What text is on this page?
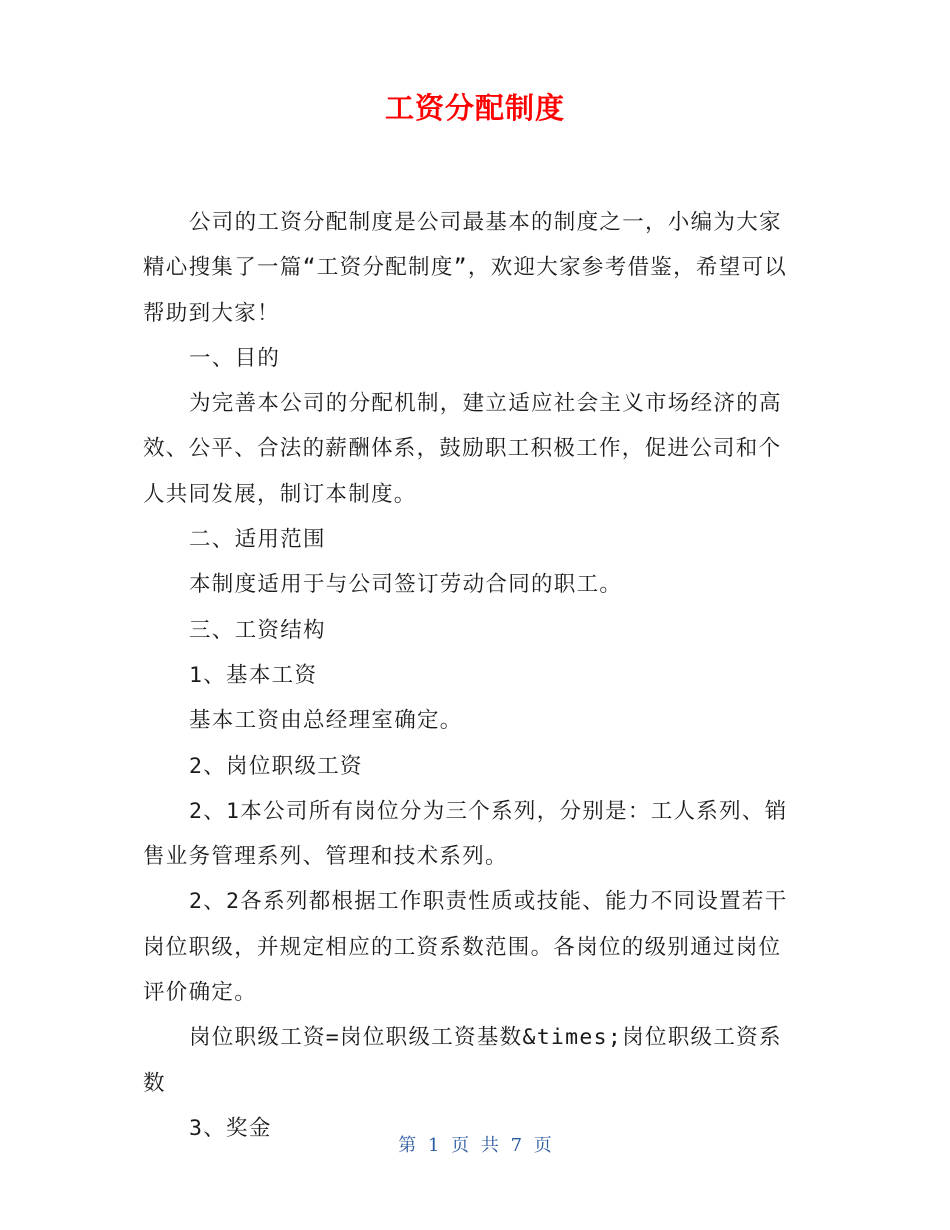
工资分配制度

公司的工资分配制度是公司最基本的制度之一，小编为大家精心搜集了一篇“工资分配制度”，欢迎大家参考借鉴，希望可以帮助到大家！

一、目的

为完善本公司的分配机制，建立适应社会主义市场经济的高效、公平、合法的薪酬体系，鼓励职工积极工作，促进公司和个人共同发展，制订本制度。

二、适用范围

本制度适用于与公司签订劳动合同的职工。

三、工资结构

1、基本工资

基本工资由总经理室确定。

2、岗位职级工资

2、1本公司所有岗位分为三个系列，分别是：工人系列、销售业务管理系列、管理和技术系列。

2、2各系列都根据工作职责性质或技能、能力不同设置若干岗位职级，并规定相应的工资系数范围。各岗位的级别通过岗位评价确定。

岗位职级工资=岗位职级工资基数&times;岗位职级工资系数

3、奖金

第 1 页 共 7 页
